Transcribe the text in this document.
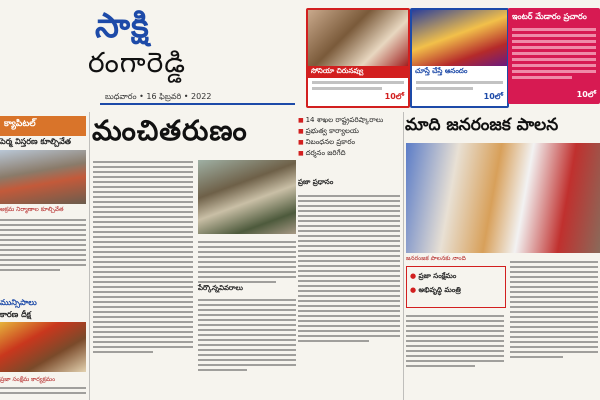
సాక్షి
రంగారెడ్డి
బుధవారం • 16 ఫిబ్రవరి • 2022
సోనియా చిరునవ్వు
10లో
చూస్తే చేస్తే ఆనందం
10లో
ఇంటర్ మేడారం ప్రచారం
10లో
క్యాపిటల్
పెర్మ విస్తరణ కూల్చివేత
అక్రమ నిర్మాణాల కూల్చివేత
మున్సిపాలు
కారణ దీక్ష
ప్రజా సంక్షేమ కార్యక్రమం
మంచితరుణం
పేర్కొన్నవివరాలు
■ 14 శాఖల రాష్ట్రపరిష్కారాలు
■ ప్రభుత్వ కార్యాలయ
■ నిబంధనల ప్రకారం
■ దర్శనం జరిగేది
ప్రజా ప్రధానం
మాది జనరంజక పాలన
జనరంజక పాలనకు నాంది
● ప్రజా సంక్షేమం
● అభివృద్ధి మంత్రి
